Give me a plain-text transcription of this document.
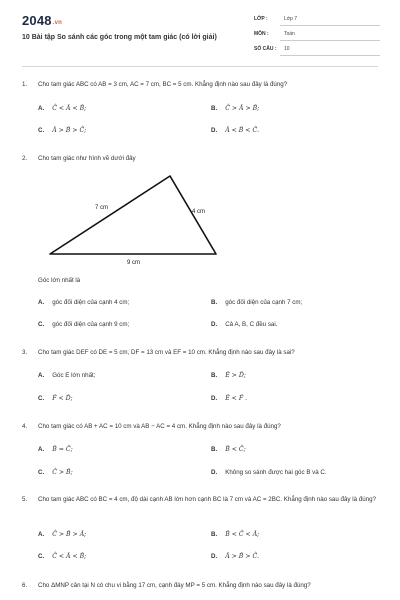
2048.vn
10 Bài tập So sánh các góc trong một tam giác (có lời giải)
LỚP :	Lớp 7
MÔN :	Toán
SỐ CÂU : 10
1. Cho tam giác ABC có AB = 3 cm, AC = 7 cm, BC = 5 cm. Khẳng định nào sau đây là đúng?
A. Ĉ < Â < B̂;	B. Ĉ > Â > B̂;
C. Â > B̂ > Ĉ;	D. Â < B̂ < Ĉ.
2. Cho tam giác như hình vẽ dưới đây
7 cm
4 cm
9 cm
Góc lớn nhất là
A. góc đối diện của cạnh 4 cm;	B. góc đối diện của cạnh 7 cm;
C. góc đối diện của cạnh 9 cm;	D. Cả A, B, C đều sai.
3. Cho tam giác DEF có DE = 5 cm, DF = 13 cm và EF = 10 cm. Khẳng định nào sau đây là sai?
A. Góc E lớn nhất;	B. Ê > D̂;
C. F̂ < D̂;	D. Ê < F̂ .
4. Cho tam giác có AB + AC = 10 cm và AB − AC = 4 cm. Khẳng định nào sau đây là đúng?
A. B̂ = Ĉ;	B. B̂ < Ĉ;
C. Ĉ > B̂;	D. Không so sánh được hai góc B và C.
5. Cho tam giác ABC có BC = 4 cm, độ dài cạnh AB lớn hơn cạnh BC là 7 cm và AC = 2BC. Khẳng định nào sau đây là đúng?
A. Ĉ > B̂ > Â;	B. B̂ < Ĉ < Â;
C. Ĉ < Â < B̂;	D. Â > B̂ > Ĉ.
6. Cho ΔMNP cân tại N có chu vi bằng 17 cm, cạnh đáy MP = 5 cm. Khẳng định nào sau đây là đúng?
